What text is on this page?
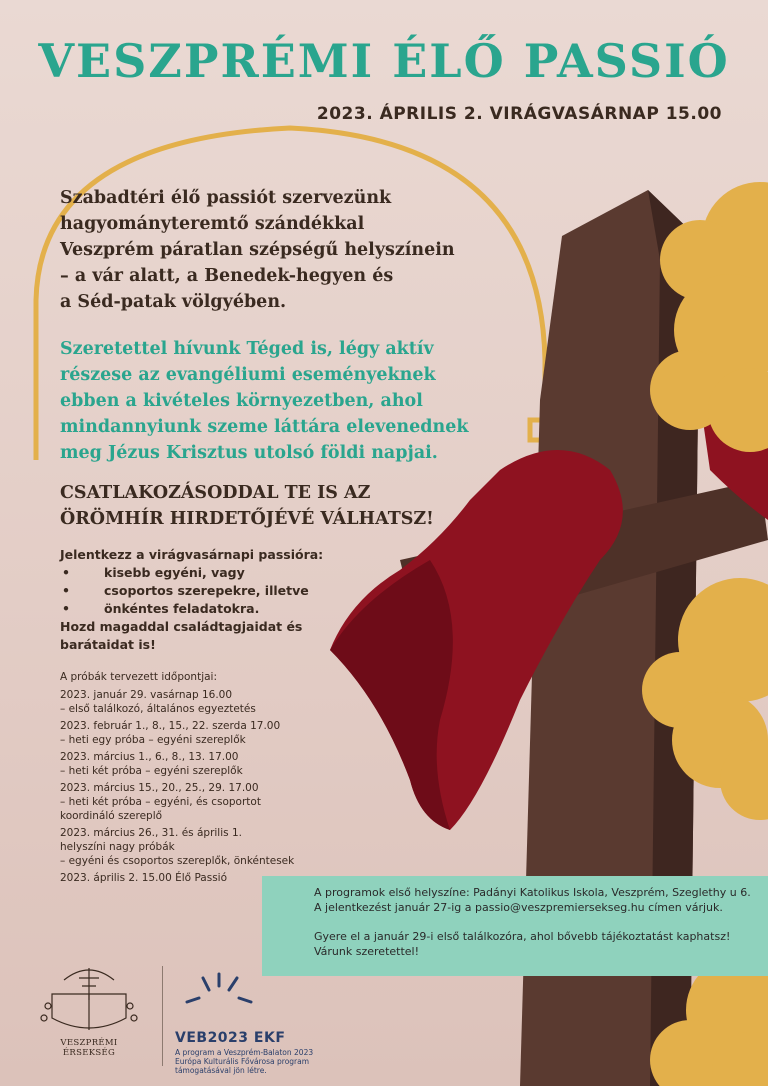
VESZPRÉMI ÉLŐ PASSIÓ
2023. ÁPRILIS 2. VIRÁGVASÁRNAP 15.00
Szabadtéri élő passiót szervezünk
hagyományteremtő szándékkal
Veszprém páratlan szépségű helyszínein
– a vár alatt, a Benedek-hegyen és
a Séd-patak völgyében.
Szeretettel hívunk Téged is, légy aktív
részese az evangéliumi eseményeknek
ebben a kivételes környezetben, ahol
mindannyiunk szeme láttára elevenednek
meg Jézus Krisztus utolsó földi napjai.
CSATLAKOZÁSODDAL TE IS AZ
ÖRÖMHÍR HIRDETŐJÉVÉ VÁLHATSZ!
Jelentkezz a virágvasárnapi passióra:
• kisebb egyéni, vagy
• csoportos szerepekre, illetve
• önkéntes feladatokra.
Hozd magaddal családtagjaidat és
barátaidat is!
A próbák tervezett időpontjai:
2023. január 29. vasárnap 16.00
– első találkozó, általános egyeztetés
2023. február 1., 8., 15., 22. szerda 17.00
– heti egy próba – egyéni szereplők
2023. március 1., 6., 8., 13. 17.00
– heti két próba – egyéni szereplők
2023. március 15., 20., 25., 29. 17.00
– heti két próba – egyéni, és csoportot
koordináló szereplő
2023. március 26., 31. és április 1.
helyszíni nagy próbák
– egyéni és csoportos szereplők, önkéntesek
2023. április 2. 15.00 Élő Passió

A programok első helyszíne: Padányi Katolikus Iskola, Veszprém, Szeglethy u 6.

A jelentkezést január 27-ig a passio@veszpremiersekseg.hu címen várjuk.

Gyere el a január 29-i első találkozóra, ahol bővebb tájékoztatást kaphatsz!

Várunk szeretettel!

VESZPRÉMI ÉRSEKSÉG
VEB2023 EKF
A program a Veszprém-Balaton 2023
Európa Kulturális Fővárosa program
támogatásával jön létre.
